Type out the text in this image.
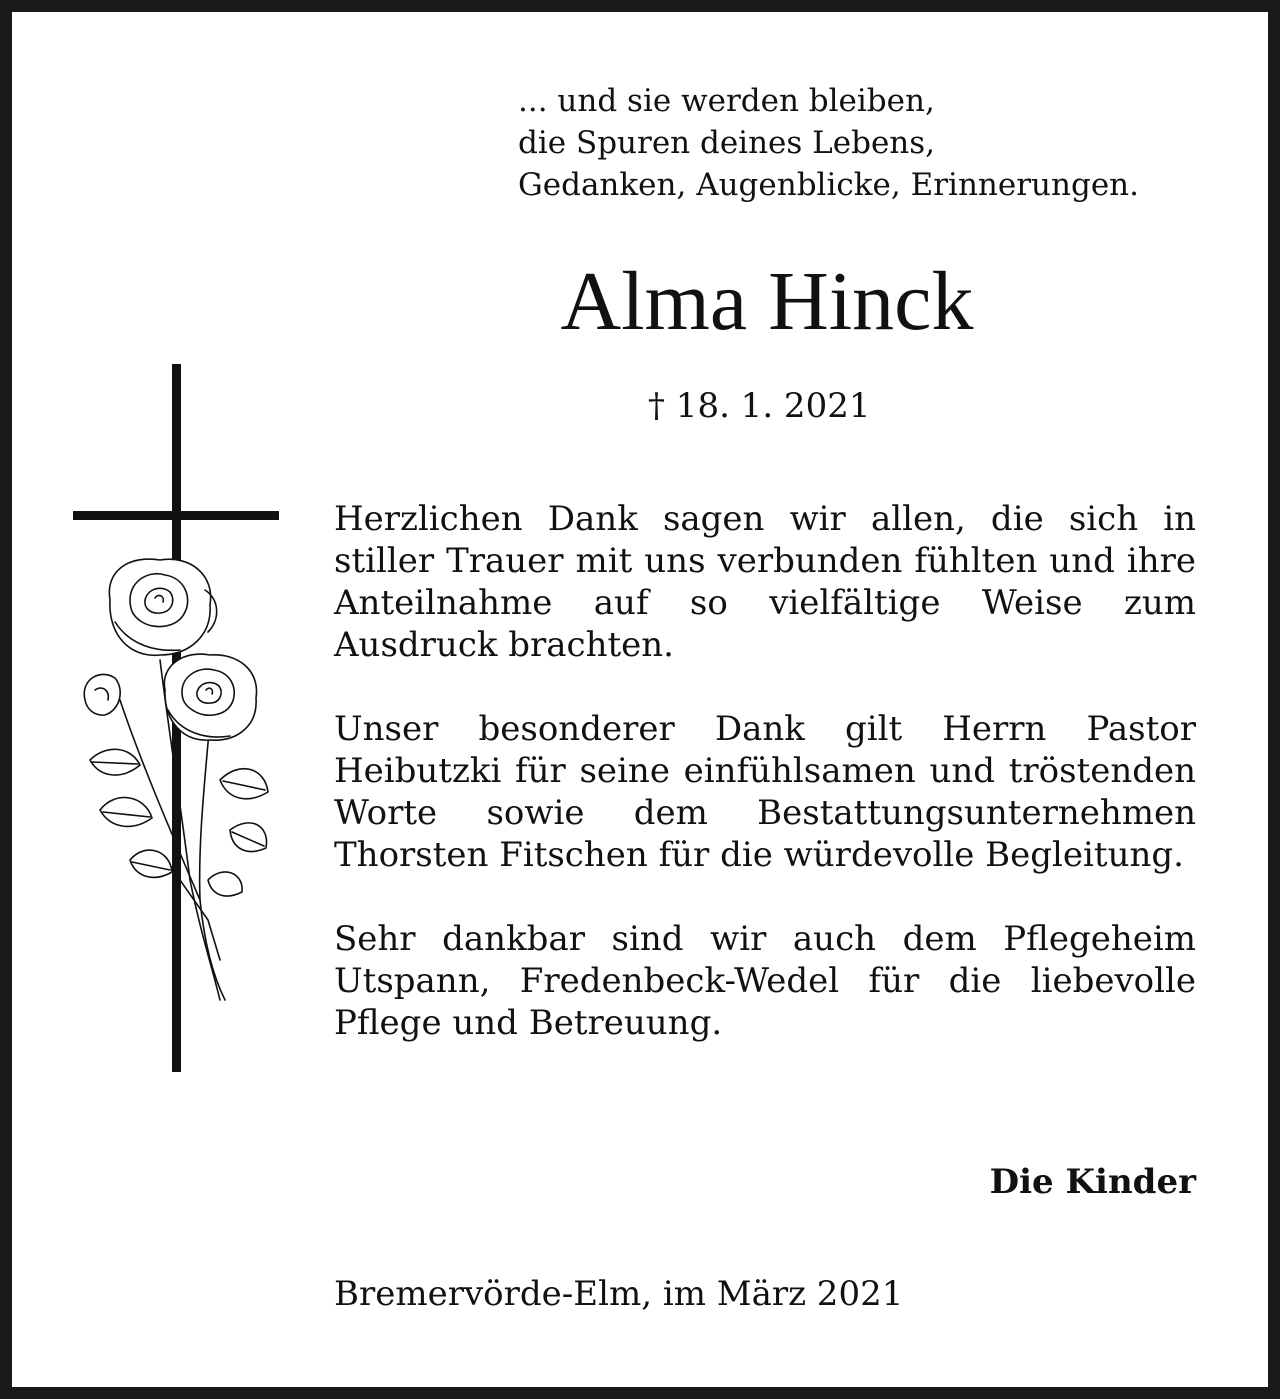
... und sie werden bleiben,
die Spuren deines Lebens,
Gedanken, Augenblicke, Erinnerungen.
Alma Hinck
† 18. 1. 2021

Herzlichen Dank sagen wir allen, die sich in stiller Trauer mit uns verbunden fühlten und ihre Anteilnahme auf so vielfältige Weise zum Ausdruck brachten.

Unser besonderer Dank gilt Herrn Pastor Heibutzki für seine einfühlsamen und tröstenden Worte sowie dem Bestattungsunternehmen Thorsten Fitschen für die würdevolle Begleitung.

Sehr dankbar sind wir auch dem Pflegeheim Utspann, Fredenbeck-Wedel für die liebevolle Pflege und Betreuung.

Die Kinder
Bremervörde-Elm, im März 2021
